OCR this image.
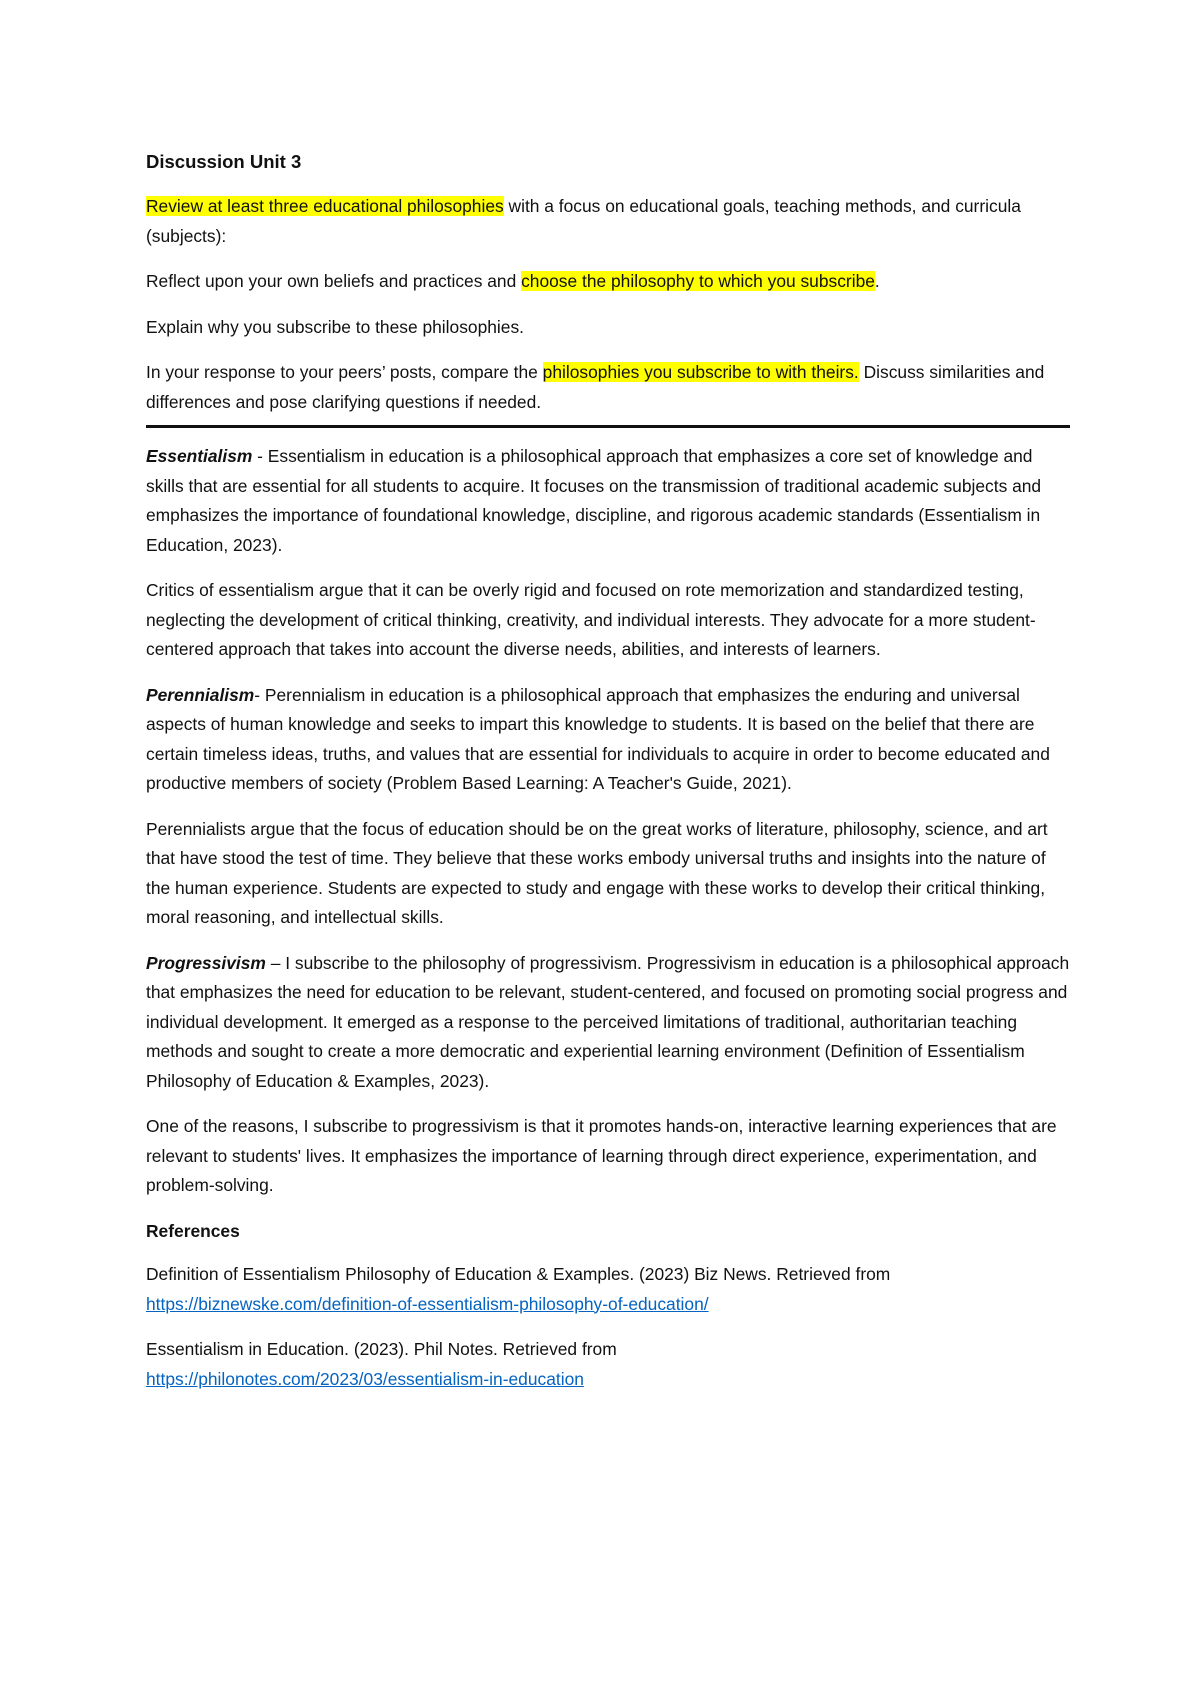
Discussion Unit 3

Review at least three educational philosophies with a focus on educational goals, teaching methods, and curricula (subjects):

Reflect upon your own beliefs and practices and choose the philosophy to which you subscribe.

Explain why you subscribe to these philosophies.

In your response to your peers’ posts, compare the philosophies you subscribe to with theirs. Discuss similarities and differences and pose clarifying questions if needed.

Essentialism - Essentialism in education is a philosophical approach that emphasizes a core set of knowledge and skills that are essential for all students to acquire. It focuses on the transmission of traditional academic subjects and emphasizes the importance of foundational knowledge, discipline, and rigorous academic standards (Essentialism in Education, 2023).

Critics of essentialism argue that it can be overly rigid and focused on rote memorization and standardized testing, neglecting the development of critical thinking, creativity, and individual interests. They advocate for a more student-centered approach that takes into account the diverse needs, abilities, and interests of learners.

Perennialism- Perennialism in education is a philosophical approach that emphasizes the enduring and universal aspects of human knowledge and seeks to impart this knowledge to students. It is based on the belief that there are certain timeless ideas, truths, and values that are essential for individuals to acquire in order to become educated and productive members of society (Problem Based Learning: A Teacher's Guide, 2021).

Perennialists argue that the focus of education should be on the great works of literature, philosophy, science, and art that have stood the test of time. They believe that these works embody universal truths and insights into the nature of the human experience. Students are expected to study and engage with these works to develop their critical thinking, moral reasoning, and intellectual skills.

Progressivism – I subscribe to the philosophy of progressivism. Progressivism in education is a philosophical approach that emphasizes the need for education to be relevant, student-centered, and focused on promoting social progress and individual development. It emerged as a response to the perceived limitations of traditional, authoritarian teaching methods and sought to create a more democratic and experiential learning environment (Definition of Essentialism Philosophy of Education & Examples, 2023).

One of the reasons, I subscribe to progressivism is that it promotes hands-on, interactive learning experiences that are relevant to students' lives. It emphasizes the importance of learning through direct experience, experimentation, and problem-solving.

References

Definition of Essentialism Philosophy of Education & Examples. (2023) Biz News. Retrieved from
https://biznewske.com/definition-of-essentialism-philosophy-of-education/

Essentialism in Education. (2023). Phil Notes. Retrieved from
https://philonotes.com/2023/03/essentialism-in-education
